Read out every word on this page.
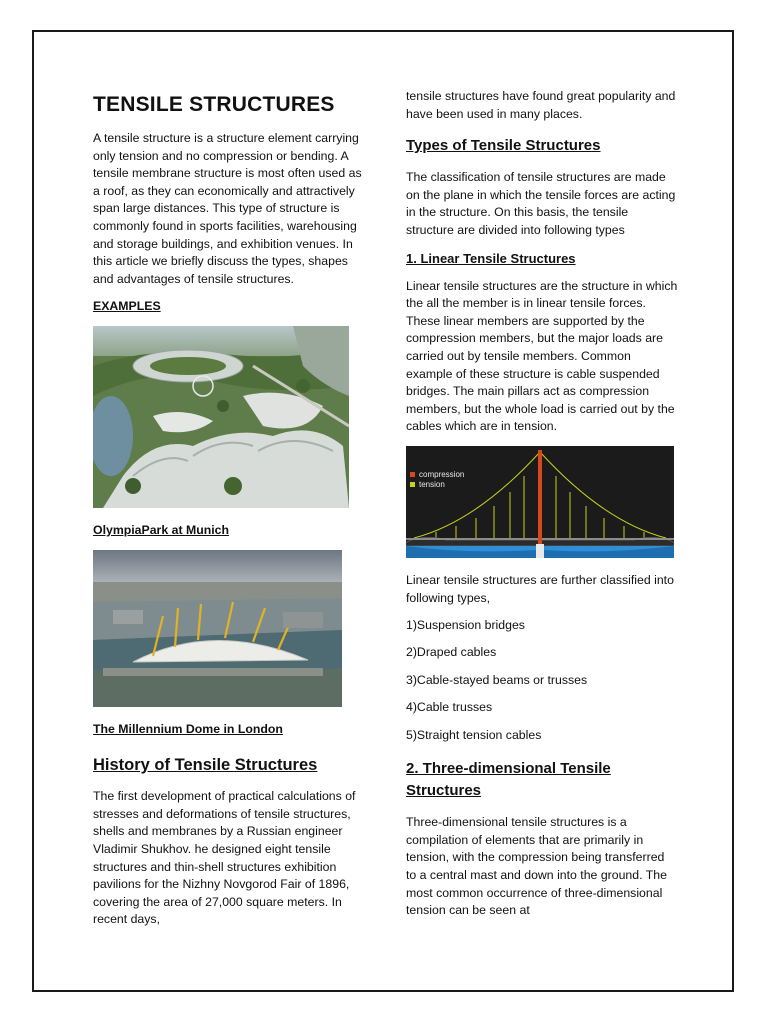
TENSILE STRUCTURES

A tensile structure is a structure element carrying only tension and no compression or bending. A tensile membrane structure is most often used as a roof, as they can economically and attractively span large distances. This type of structure is commonly found in sports facilities, warehousing and storage buildings, and exhibition venues. In this article we briefly discuss the types, shapes and advantages of tensile structures.

EXAMPLES
OlympiaPark at Munich
The Millennium Dome in London
History of Tensile Structures

The first development of practical calculations of stresses and deformations of tensile structures, shells and membranes by a Russian engineer Vladimir Shukhov. he designed eight tensile structures and thin-shell structures exhibition pavilions for the Nizhny Novgorod Fair of 1896, covering the area of 27,000 square meters. In recent days,

tensile structures have found great popularity and have been used in many places.

Types of Tensile Structures

The classification of tensile structures are made on the plane in which the tensile forces are acting in the structure. On this basis, the tensile structure are divided into following types

1. Linear Tensile Structures

Linear tensile structures are the structure in which the all the member is in linear tensile forces. These linear members are supported by the compression members, but the major loads are carried out by tensile members. Common example of these structure is cable suspended bridges. The main pillars act as compression members, but the whole load is carried out by the cables which are in tension.

compression
tension

Linear tensile structures are further classified into following types,

1)Suspension bridges
2)Draped cables
3)Cable-stayed beams or trusses
4)Cable trusses
5)Straight tension cables
2. Three-dimensional Tensile Structures

Three-dimensional tensile structures is a compilation of elements that are primarily in tension, with the compression being transferred to a central mast and down into the ground. The most common occurrence of three-dimensional tension can be seen at
